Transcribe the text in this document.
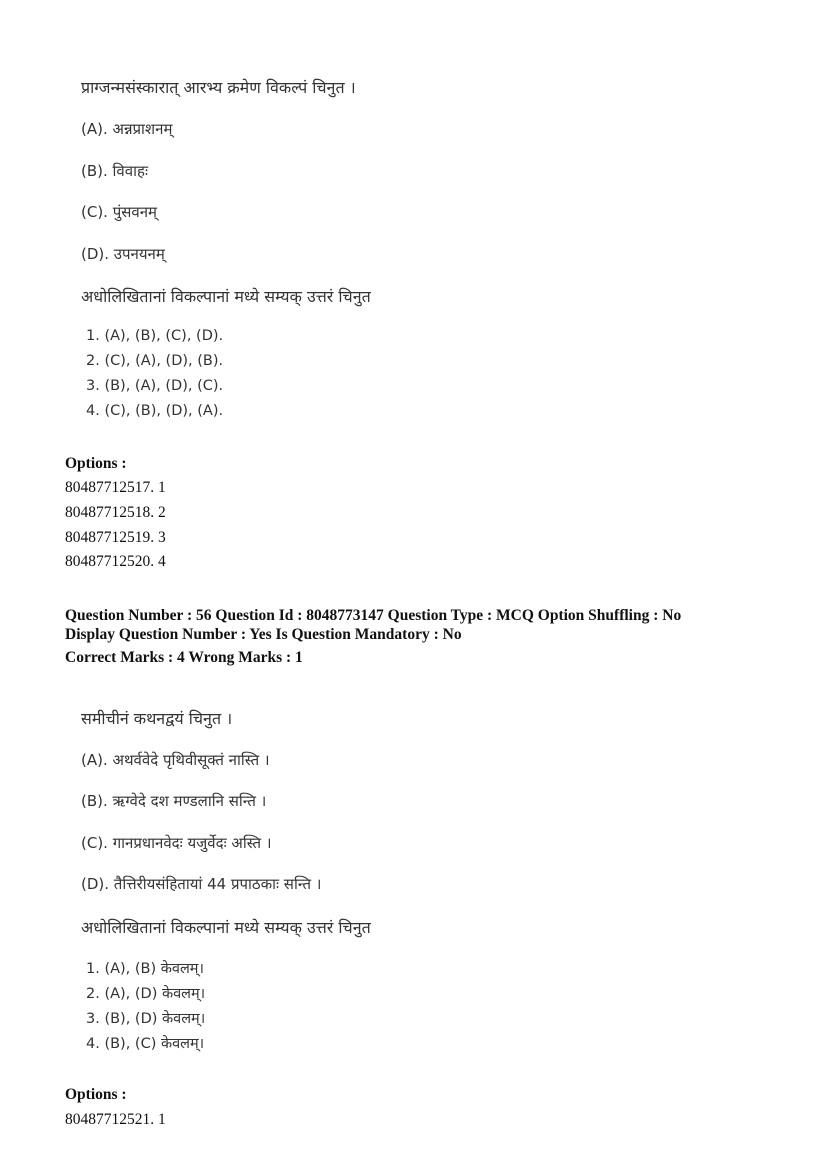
प्राग्जन्मसंस्कारात् आरभ्य क्रमेण विकल्पं चिनुत ।
(A). अन्नप्राशनम्
(B). विवाहः
(C). पुंसवनम्
(D). उपनयनम्
अधोलिखितानां विकल्पानां मध्ये सम्यक् उत्तरं चिनुत
1. (A), (B), (C), (D).
2. (C), (A), (D), (B).
3. (B), (A), (D), (C).
4. (C), (B), (D), (A).
Options :
80487712517. 1
80487712518. 2
80487712519. 3
80487712520. 4
Question Number : 56 Question Id : 8048773147 Question Type : MCQ Option Shuffling : No
Display Question Number : Yes Is Question Mandatory : No
Correct Marks : 4 Wrong Marks : 1
समीचीनं कथनद्वयं चिनुत ।
(A). अथर्ववेदे पृथिवीसूक्तं नास्ति ।
(B). ऋग्वेदे दश मण्डलानि सन्ति ।
(C). गानप्रधानवेदः यजुर्वेदः अस्ति ।
(D). तैत्तिरीयसंहितायां 44 प्रपाठकाः सन्ति ।
अधोलिखितानां विकल्पानां मध्ये सम्यक् उत्तरं चिनुत
1. (A), (B) केवलम्।
2. (A), (D) केवलम्।
3. (B), (D) केवलम्।
4. (B), (C) केवलम्।
Options :
80487712521. 1
